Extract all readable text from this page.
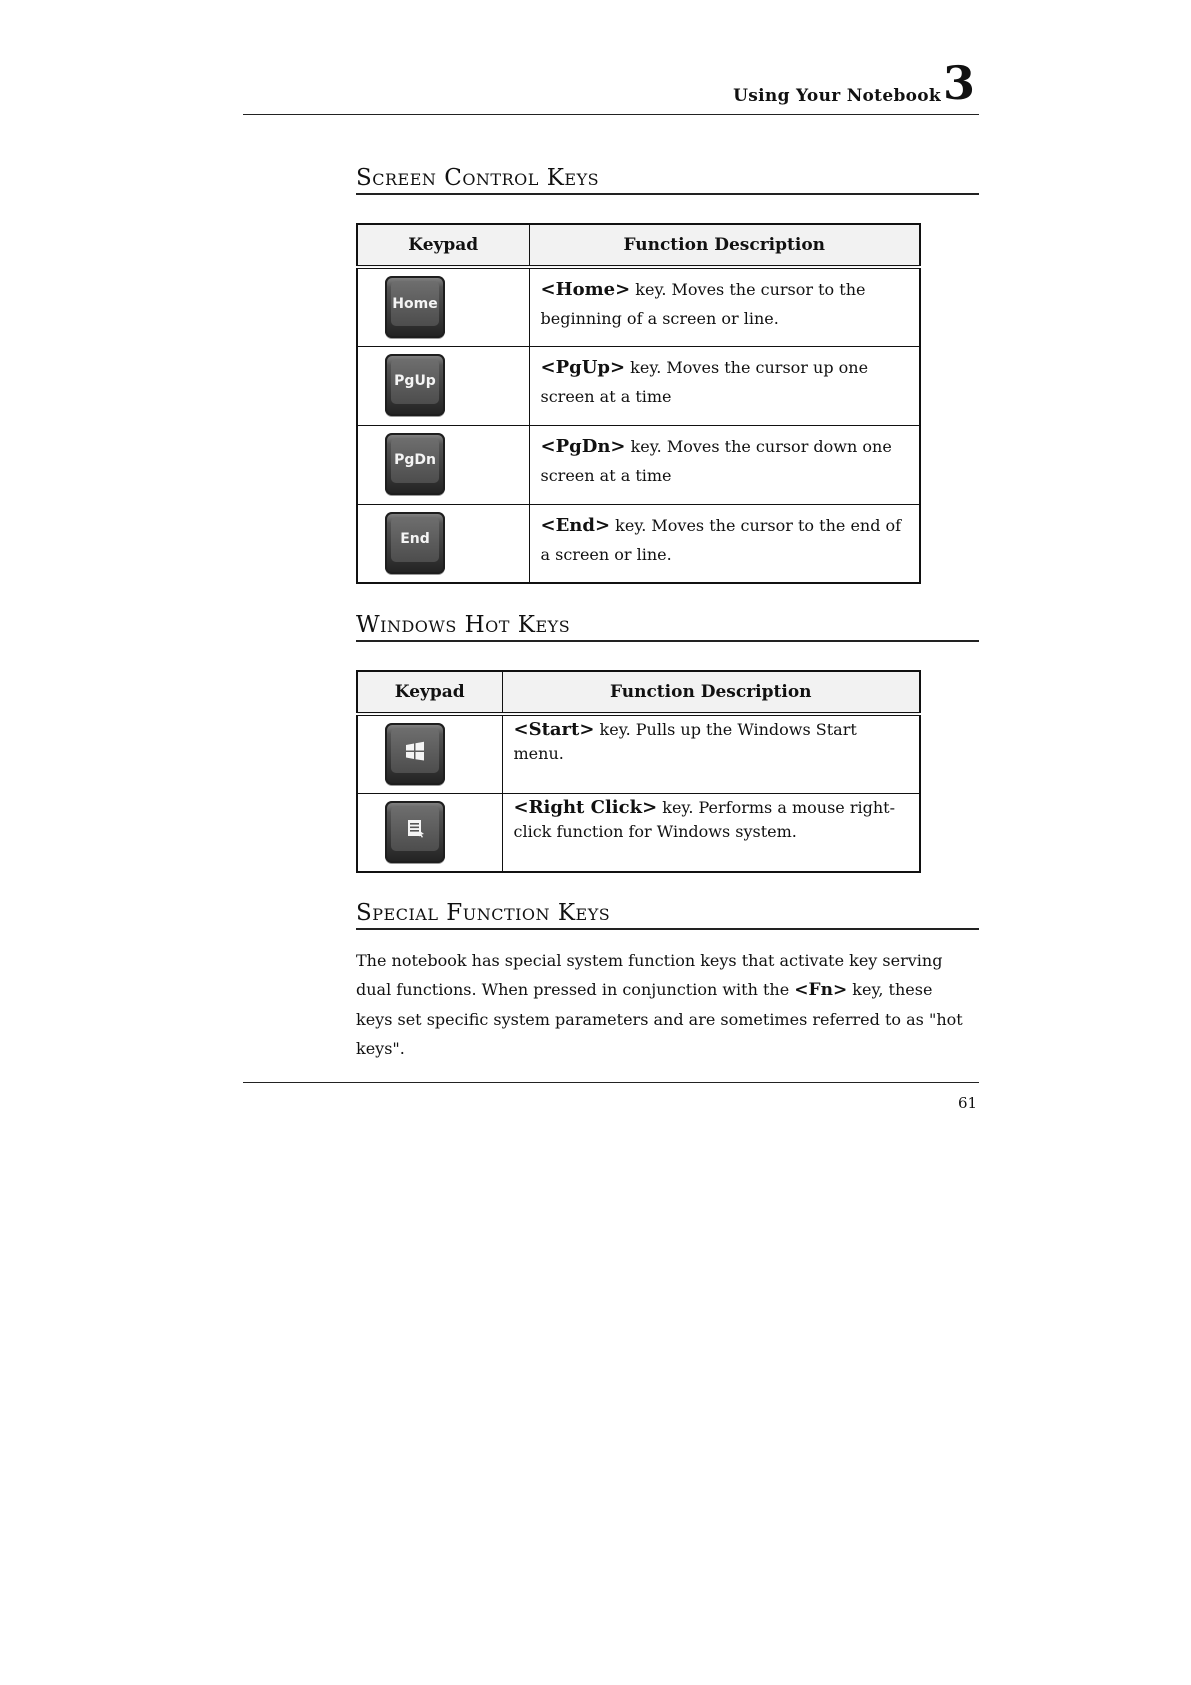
Using Your Notebook 3
Screen Control Keys
Keypad	Function Description

Home	<Home> key. Moves the cursor to the beginning of a screen or line.

PgUp	<PgUp> key. Moves the cursor up one screen at a time

PgDn	<PgDn> key. Moves the cursor down one screen at a time

End	<End> key. Moves the cursor to the end of a screen or line.
Windows Hot Keys
Keypad	Function Description

	<Start> key. Pulls up the Windows Start menu.

	<Right Click> key. Performs a mouse right-click function for Windows system.
Special Function Keys

The notebook has special system function keys that activate key serving dual functions. When pressed in conjunction with the <Fn> key, these keys set specific system parameters and are sometimes referred to as "hot keys".

61
